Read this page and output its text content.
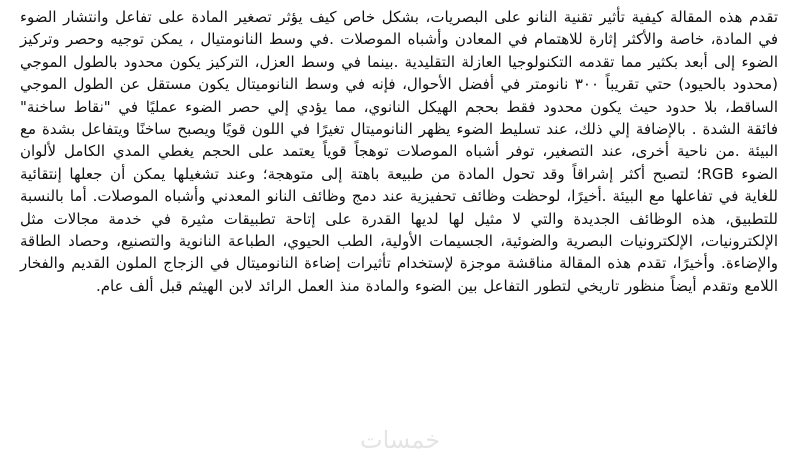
تقدم هذه المقالة كيفية تأثير تقنية النانو على البصريات، بشكل خاص كيف يؤثر تصغير المادة على تفاعل وانتشار الضوء في المادة، خاصة والأكثر إثارة للاهتمام في المعادن وأشباه الموصلات .في وسط النانومتيال ، يمكن توجيه وحصر وتركيز الضوء إلى أبعد بكثير مما تقدمه التكنولوجيا العازلة التقليدية .بينما في وسط العزل، التركيز يكون محدود بالطول الموجي (محدود بالحيود) حتي تقريباً ٣٠٠ نانومتر في أفضل الأحوال، فإنه في وسط النانوميتال يكون مستقل عن الطول الموجي الساقط، بلا حدود حيث يكون محدود فقط بحجم الهيكل النانوي، مما يؤدي إلي حصر الضوء عمليًا في "نقاط ساخنة" فائقة الشدة . بالإضافة إلي ذلك، عند تسليط الضوء يظهر النانوميتال تغيرًا في اللون قويًا ويصبح ساخنًا ويتفاعل بشدة مع البيئة .من ناحية أخرى، عند التصغير، توفر أشباه الموصلات توهجاً قوياً يعتمد على الحجم يغطي المدي الكامل لألوان الضوء RGB؛ لتصبح أكثر إشراقاً وقد تحول المادة من طبيعة باهتة إلى متوهجة؛ وعند تشغيلها يمكن أن جعلها إنتقائية للغاية في تفاعلها مع البيئة .أخيرًا، لوحظت وظائف تحفيزية عند دمج وظائف النانو المعدني وأشباه الموصلات. أما بالنسبة للتطبيق، هذه الوظائف الجديدة والتي لا مثيل لها لديها القدرة على إتاحة تطبيقات مثيرة في خدمة مجالات مثل الإلكترونيات، الإلكترونيات البصرية والضوئية، الجسيمات الأولية، الطب الحيوي، الطباعة النانوية والتصنيع، وحصاد الطاقة والإضاءة. وأخيرًا، تقدم هذه المقالة مناقشة موجزة لإستخدام تأثيرات إضاءة النانوميتال في الزجاج الملون القديم والفخار اللامع وتقدم أيضاً منظور تاريخي لتطور التفاعل بين الضوء والمادة منذ العمل الرائد لابن الهيثم قبل ألف عام.

خمسات
